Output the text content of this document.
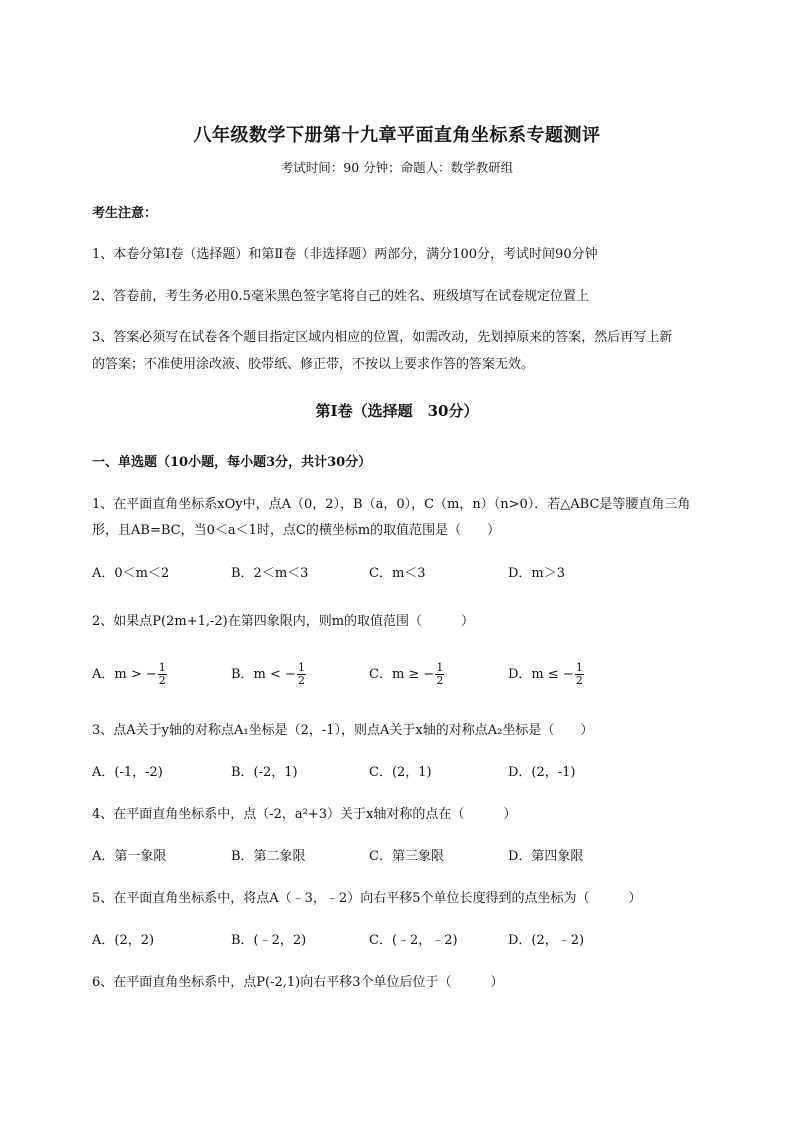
八年级数学下册第十九章平面直角坐标系专题测评
考试时间：90 分钟；命题人：数学教研组
考生注意：
1、本卷分第Ⅰ卷（选择题）和第Ⅱ卷（非选择题）两部分，满分100分，考试时间90分钟
2、答卷前，考生务必用0.5毫米黑色签字笔将自己的姓名、班级填写在试卷规定位置上
3、答案必须写在试卷各个题目指定区域内相应的位置，如需改动，先划掉原来的答案，然后再写上新
的答案；不准使用涂改液、胶带纸、修正带，不按以上要求作答的答案无效。
第Ⅰ卷（选择题　30分）
一、单选题（10小题，每小题3分，共计30分）
1、在平面直角坐标系xOy中，点A（0，2），B（a，0），C（m，n）（n>0）．若△ABC是等腰直角三角
形，且AB=BC，当0＜a＜1时，点C的横坐标m的取值范围是（　　）
A．0＜m＜2	B．2＜m＜3	C．m＜3	D．m＞3
2、如果点P(2m+1,-2)在第四象限内，则m的取值范围（　　　）
A．m > − $\frac{1}{2}$	B．m < − $\frac{1}{2}$	C．m ≥ − $\frac{1}{2}$	D．m ≤ − $\frac{1}{2}$
3、点A关于y轴的对称点A₁坐标是（2，-1），则点A关于x轴的对称点A₂坐标是（　　）
A．(-1，-2)	B．(-2，1)	C．(2，1)	D．(2，-1)
4、在平面直角坐标系中，点（-2，a²+3）关于x轴对称的点在（　　　）
A．第一象限	B．第二象限	C．第三象限	D．第四象限
5、在平面直角坐标系中，将点A（﹣3，﹣2）向右平移5个单位长度得到的点坐标为（　　　）
A．(2，2)	B．(﹣2，2)	C．(﹣2，﹣2)	D．(2，﹣2)
6、在平面直角坐标系中，点P(-2,1)向右平移3个单位后位于（　　　）
